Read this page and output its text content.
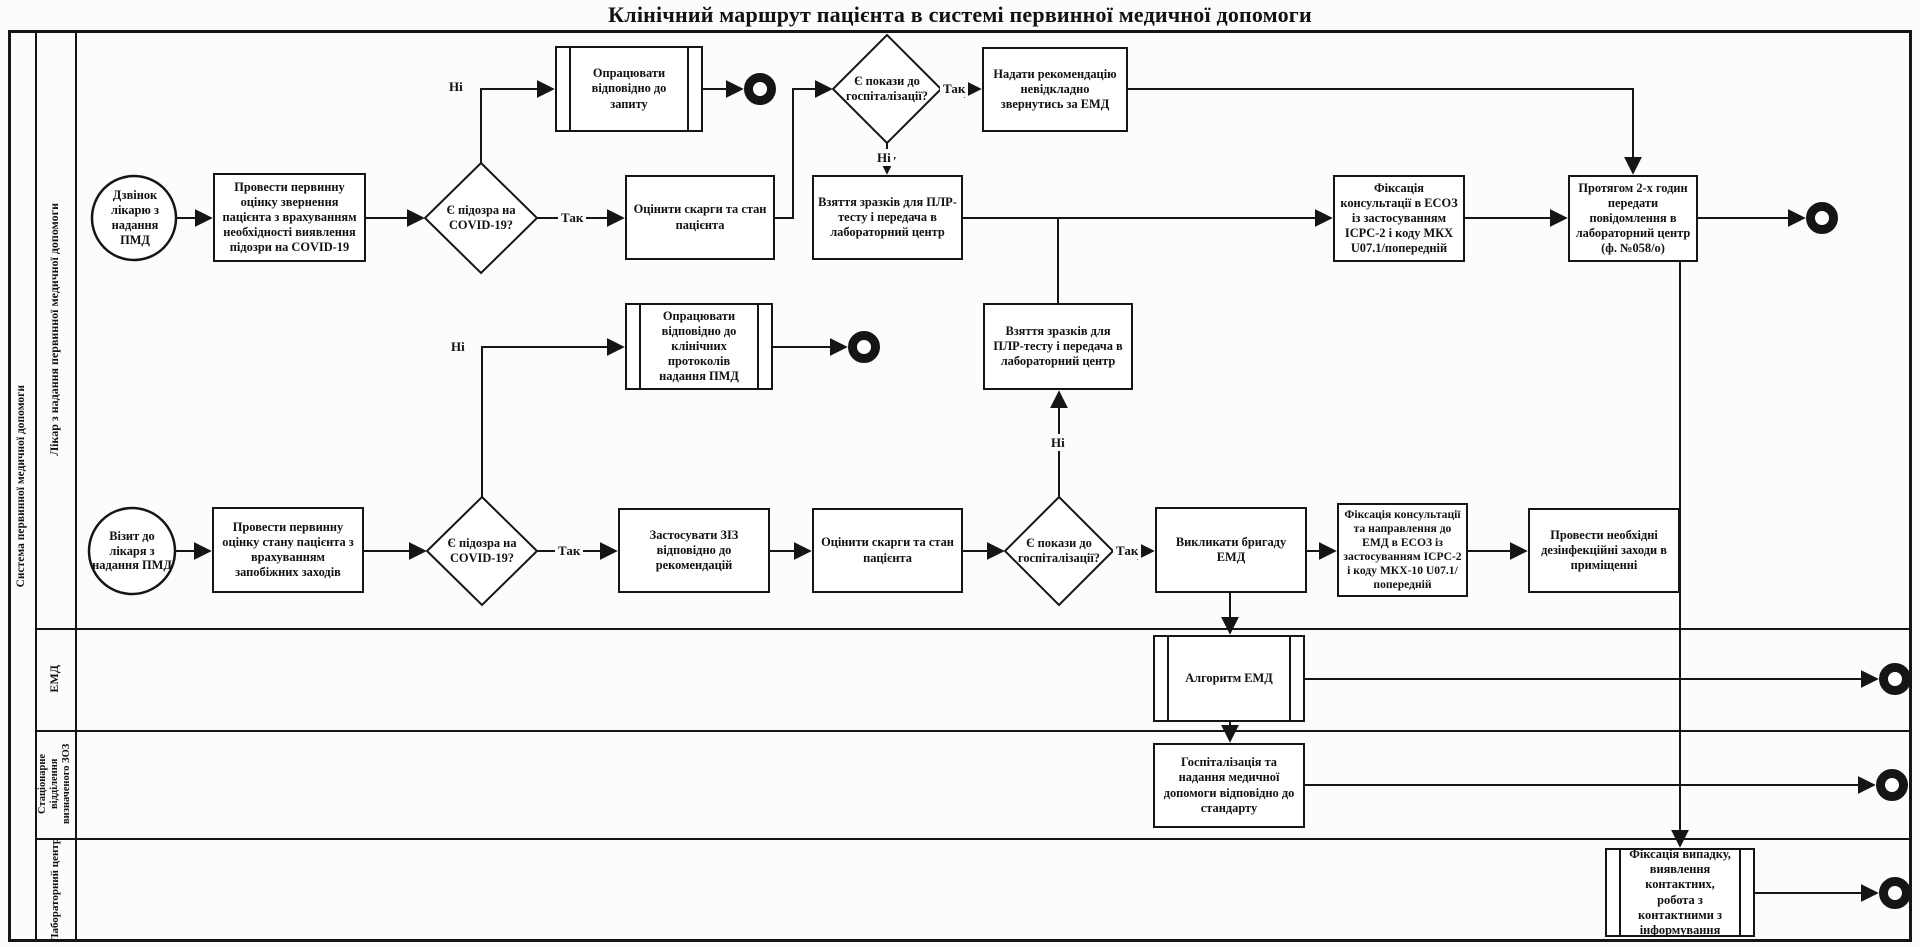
Клінічний маршрут пацієнта в системі первинної медичної допомоги
Система первинної медичної допомоги
Лікар з надання первинної медичної допомоги
ЕМД
Стаціонарне відділення визначеного ЗОЗ
Лабораторний центр
Дзвінок лікарю з надання ПМД
Провести первинну оцінку звернення пацієнта з врахуванням необхідності виявлення підозри на COVID-19
Є підозра на COVID-19?
Опрацювати відповідно до запиту
Оцінити скарги та стан пацієнта
Є покази до госпіталізації?
Надати рекомендацію невідкладно звернутись за ЕМД
Взяття зразків для ПЛР-тесту і передача в лабораторний центр
Взяття зразків для ПЛР-тесту і передача в лабораторний центр
Фіксація консультації в ЕСОЗ із застосуванням ICPC-2 і коду МКХ U07.1/попередній
Протягом 2-х годин передати повідомлення в лабораторний центр (ф. №058/о)
Візит до лікаря з надання ПМД
Провести первинну оцінку стану пацієнта з врахуванням запобіжних заходів
Є підозра на COVID-19?
Опрацювати відповідно до клінічних протоколів надання ПМД
Застосувати ЗІЗ відповідно до рекомендацій
Оцінити скарги та стан пацієнта
Є покази до госпіталізації?
Викликати бригаду ЕМД
Фіксація консультації та направлення до ЕМД в ЕСОЗ із застосуванням ICPC-2 і коду МКХ-10 U07.1/попередній
Провести необхідні дезінфекційні заходи в приміщенні
Алгоритм ЕМД
Госпіталізація та надання медичної допомоги відповідно до стандарту
Фіксація випадку, виявлення контактних, робота з контактними з інформування
Ні
Так
Так
Ні
Ні
Так
Ні
Так
